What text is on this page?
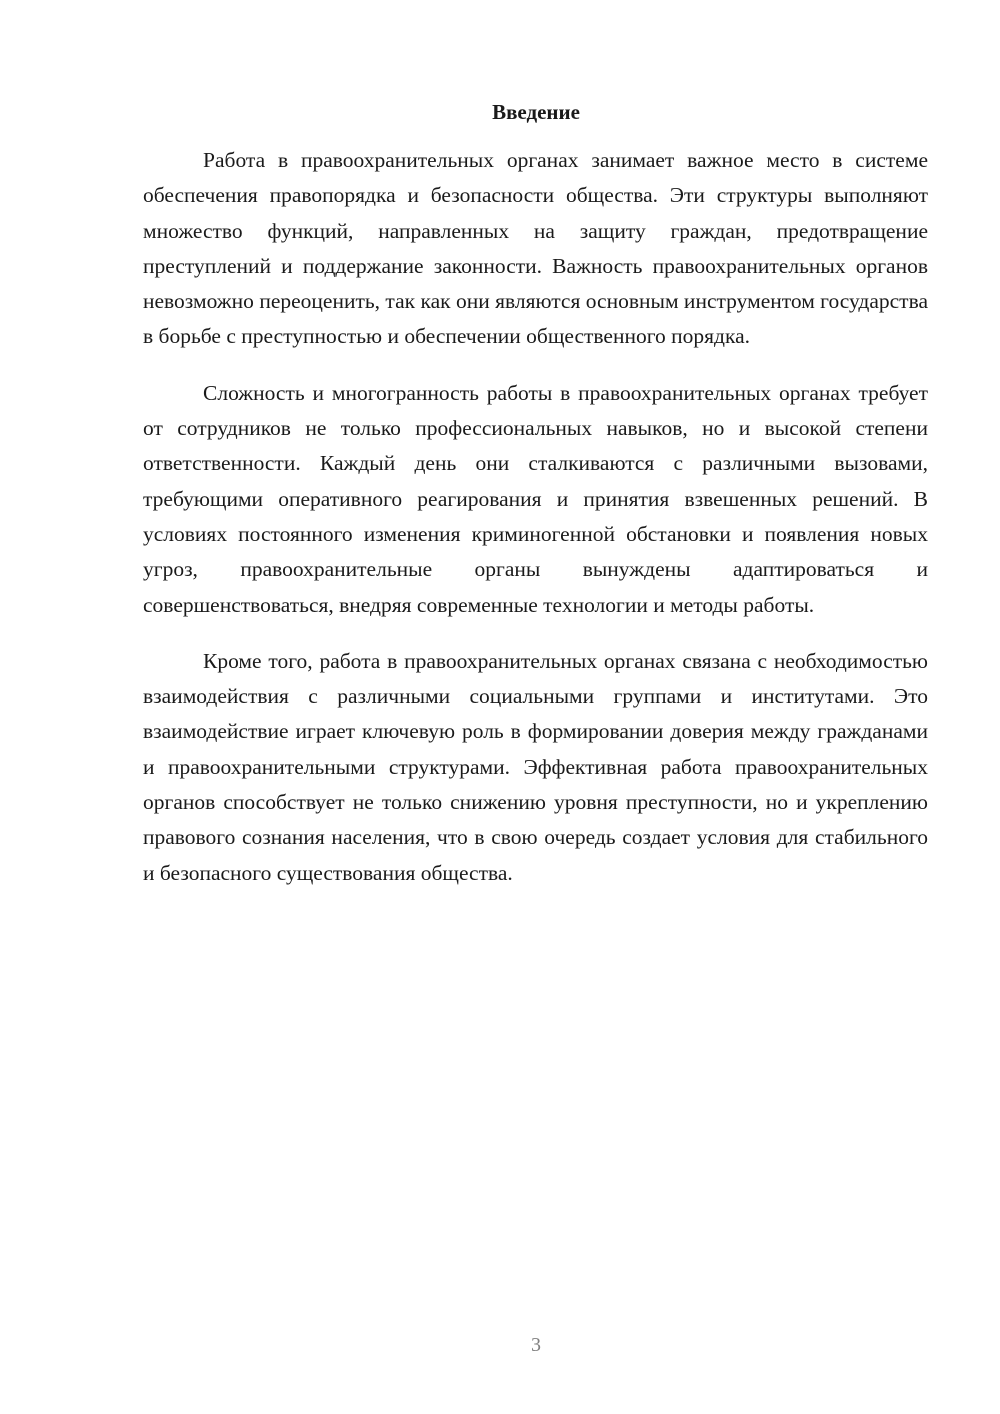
Введение

Работа в правоохранительных органах занимает важное место в системе обеспечения правопорядка и безопасности общества. Эти структуры выполняют множество функций, направленных на защиту граждан, предотвращение преступлений и поддержание законности. Важность правоохранительных органов невозможно переоценить, так как они являются основным инструментом государства в борьбе с преступностью и обеспечении общественного порядка.

Сложность и многогранность работы в правоохранительных органах требует от сотрудников не только профессиональных навыков, но и высокой степени ответственности. Каждый день они сталкиваются с различными вызовами, требующими оперативного реагирования и принятия взвешенных решений. В условиях постоянного изменения криминогенной обстановки и появления новых угроз, правоохранительные органы вынуждены адаптироваться и совершенствоваться, внедряя современные технологии и методы работы.

Кроме того, работа в правоохранительных органах связана с необходимостью взаимодействия с различными социальными группами и институтами. Это взаимодействие играет ключевую роль в формировании доверия между гражданами и правоохранительными структурами. Эффективная работа правоохранительных органов способствует не только снижению уровня преступности, но и укреплению правового сознания населения, что в свою очередь создает условия для стабильного и безопасного существования общества.

3
